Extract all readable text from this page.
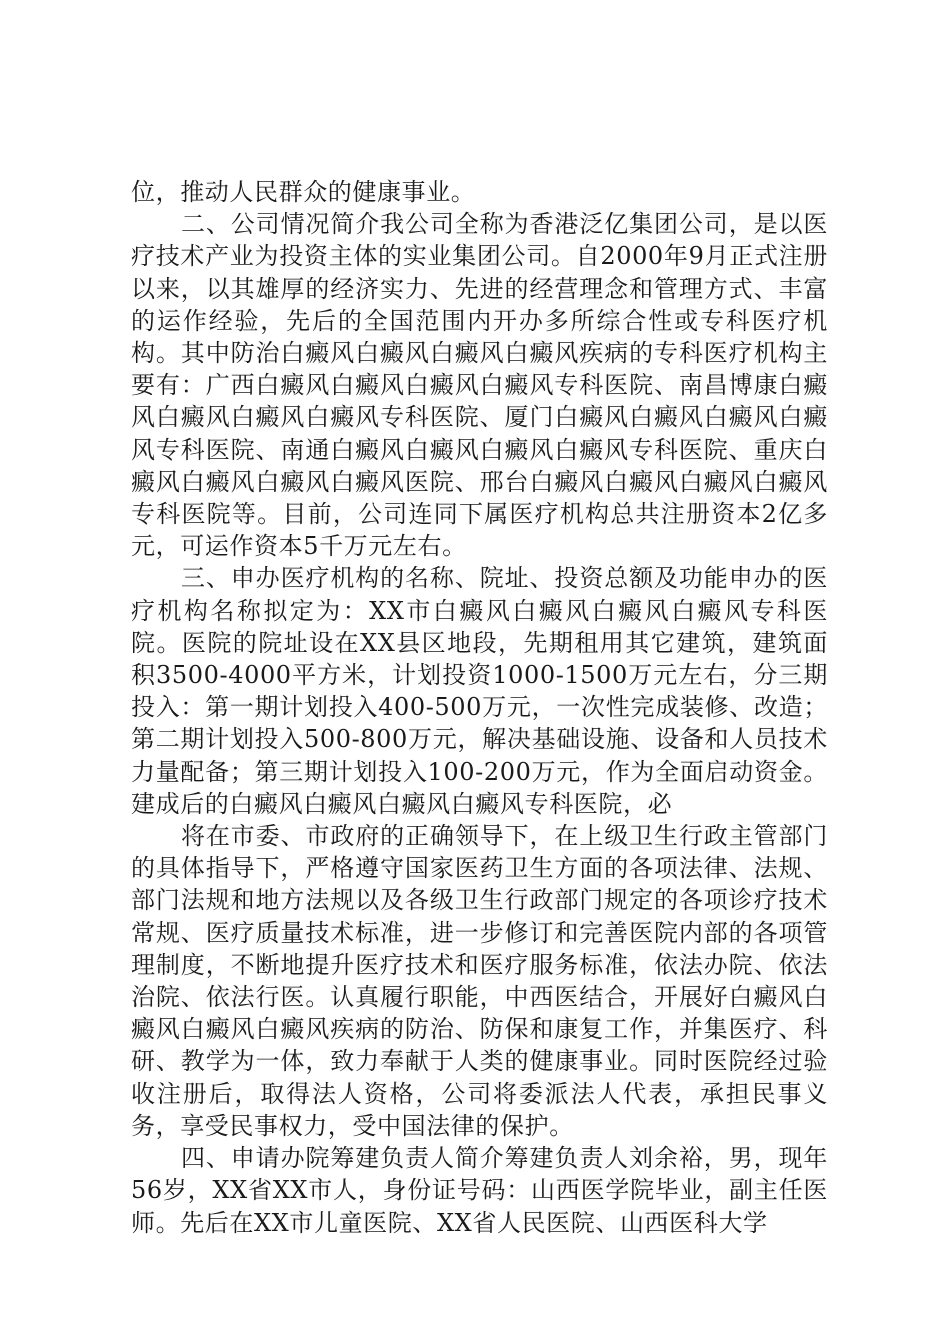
位，推动人民群众的健康事业。

二、公司情况简介我公司全称为香港泛亿集团公司，是以医疗技术产业为投资主体的实业集团公司。自2000年9月正式注册以来，以其雄厚的经济实力、先进的经营理念和管理方式、丰富的运作经验，先后的全国范围内开办多所综合性或专科医疗机构。其中防治白癜风白癜风白癜风白癜风疾病的专科医疗机构主要有：广西白癜风白癜风白癜风白癜风专科医院、南昌博康白癜风白癜风白癜风白癜风专科医院、厦门白癜风白癜风白癜风白癜风专科医院、南通白癜风白癜风白癜风白癜风专科医院、重庆白癜风白癜风白癜风白癜风医院、邢台白癜风白癜风白癜风白癜风专科医院等。目前，公司连同下属医疗机构总共注册资本2亿多元，可运作资本5千万元左右。

三、申办医疗机构的名称、院址、投资总额及功能申办的医疗机构名称拟定为：XX市白癜风白癜风白癜风白癜风专科医院。医院的院址设在XX县区地段，先期租用其它建筑，建筑面积3500-4000平方米，计划投资1000-1500万元左右，分三期投入：第一期计划投入400-500万元，一次性完成装修、改造；第二期计划投入500-800万元，解决基础设施、设备和人员技术力量配备；第三期计划投入100-200万元，作为全面启动资金。建成后的白癜风白癜风白癜风白癜风专科医院，必

将在市委、市政府的正确领导下，在上级卫生行政主管部门的具体指导下，严格遵守国家医药卫生方面的各项法律、法规、部门法规和地方法规以及各级卫生行政部门规定的各项诊疗技术常规、医疗质量技术标准，进一步修订和完善医院内部的各项管理制度，不断地提升医疗技术和医疗服务标准，依法办院、依法治院、依法行医。认真履行职能，中西医结合，开展好白癜风白癜风白癜风白癜风疾病的防治、防保和康复工作，并集医疗、科研、教学为一体，致力奉献于人类的健康事业。同时医院经过验收注册后，取得法人资格，公司将委派法人代表，承担民事义务，享受民事权力，受中国法律的保护。

四、申请办院筹建负责人简介筹建负责人刘余裕，男，现年56岁，XX省XX市人，身份证号码：山西医学院毕业，副主任医师。先后在XX市儿童医院、XX省人民医院、山西医科大学
